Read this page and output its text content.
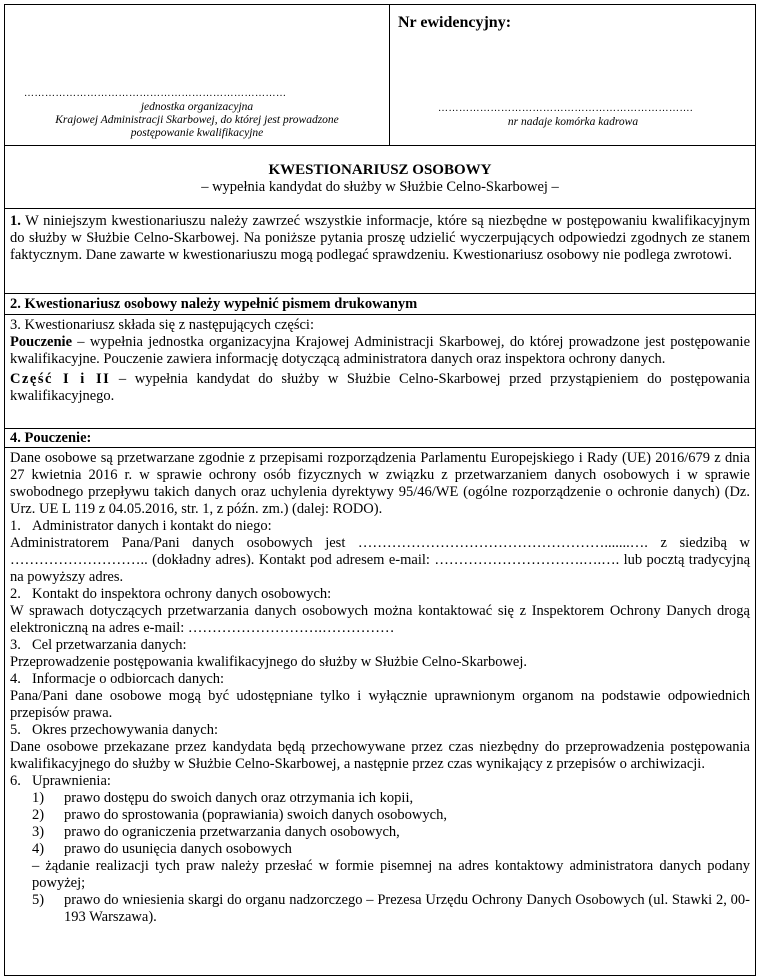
…………………………………………………………………
jednostka organizacyjna
Krajowej Administracji Skarbowej, do której jest prowadzone
postępowanie kwalifikacyjne
Nr ewidencyjny:
……………………………………………………………….
nr nadaje komórka kadrowa
KWESTIONARIUSZ OSOBOWY
– wypełnia kandydat do służby w Służbie Celno-Skarbowej –

1. W niniejszym kwestionariuszu należy zawrzeć wszystkie informacje, które są niezbędne w postępowaniu kwalifikacyjnym do służby w Służbie Celno-Skarbowej. Na poniższe pytania proszę udzielić wyczerpujących odpowiedzi zgodnych ze stanem faktycznym. Dane zawarte w kwestionariuszu mogą podlegać sprawdzeniu. Kwestionariusz osobowy nie podlega zwrotowi.

2. Kwestionariusz osobowy należy wypełnić pismem drukowanym

3. Kwestionariusz składa się z następujących części:

Pouczenie – wypełnia jednostka organizacyjna Krajowej Administracji Skarbowej, do której prowadzone jest postępowanie kwalifikacyjne. Pouczenie zawiera informację dotyczącą administratora danych oraz inspektora ochrony danych.

Część I i II – wypełnia kandydat do służby w Służbie Celno-Skarbowej przed przystąpieniem do postępowania kwalifikacyjnego.

4. Pouczenie:

Dane osobowe są przetwarzane zgodnie z przepisami rozporządzenia Parlamentu Europejskiego i Rady (UE) 2016/679 z dnia 27 kwietnia 2016 r. w sprawie ochrony osób fizycznych w związku z przetwarzaniem danych osobowych i w sprawie swobodnego przepływu takich danych oraz uchylenia dyrektywy 95/46/WE (ogólne rozporządzenie o ochronie danych) (Dz. Urz. UE L 119 z 04.05.2016, str. 1, z późn. zm.) (dalej: RODO).

1. Administrator danych i kontakt do niego:

Administratorem Pana/Pani danych osobowych jest …………………………………………….......…. z siedzibą w ……………………….. (dokładny adres). Kontakt pod adresem e-mail: ………………………….….…. lub pocztą tradycyjną na powyższy adres.

2. Kontakt do inspektora ochrony danych osobowych:

W sprawach dotyczących przetwarzania danych osobowych można kontaktować się z Inspektorem Ochrony Danych drogą elektroniczną na adres e-mail: ……………………….……………

3. Cel przetwarzania danych:

Przeprowadzenie postępowania kwalifikacyjnego do służby w Służbie Celno-Skarbowej.

4. Informacje o odbiorcach danych:

Pana/Pani dane osobowe mogą być udostępniane tylko i wyłącznie uprawnionym organom na podstawie odpowiednich przepisów prawa.

5. Okres przechowywania danych:

Dane osobowe przekazane przez kandydata będą przechowywane przez czas niezbędny do przeprowadzenia postępowania kwalifikacyjnego do służby w Służbie Celno-Skarbowej, a następnie przez czas wynikający z przepisów o archiwizacji.

6. Uprawnienia:
1)	prawo dostępu do swoich danych oraz otrzymania ich kopii,
2)	prawo do sprostowania (poprawiania) swoich danych osobowych,
3)	prawo do ograniczenia przetwarzania danych osobowych,
4)	prawo do usunięcia danych osobowych

– żądanie realizacji tych praw należy przesłać w formie pisemnej na adres kontaktowy administratora danych podany powyżej;

5)	prawo do wniesienia skargi do organu nadzorczego – Prezesa Urzędu Ochrony Danych Osobowych (ul. Stawki 2, 00-193 Warszawa).
